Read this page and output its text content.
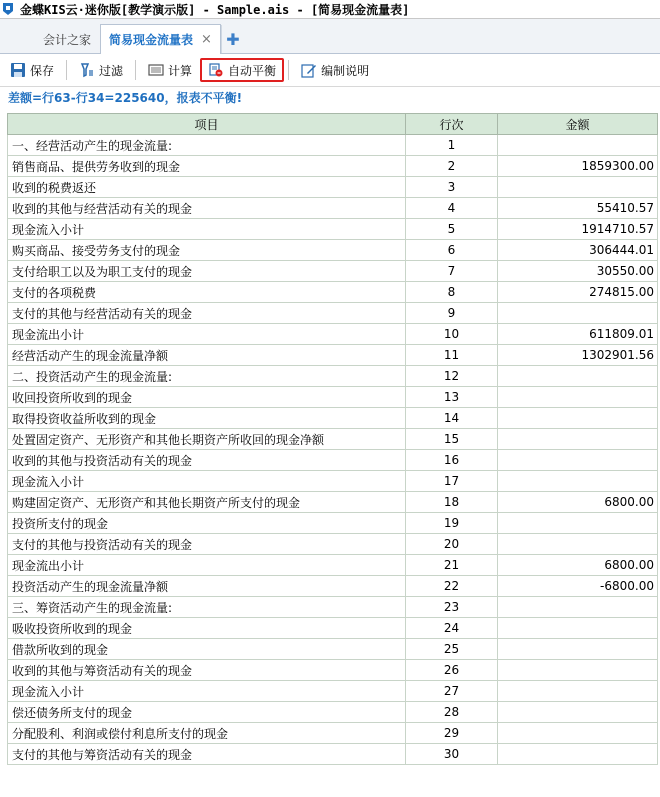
金蝶KIS云·迷你版[教学演示版] - Sample.ais - [简易现金流量表]
会计之家 简易现金流量表 × ✚
保存	过滤	计算	自动平衡	编制说明
差额=行63-行34=225640，报表不平衡!
项目	行次	金额
一、经营活动产生的现金流量:	1	
销售商品、提供劳务收到的现金	2	1859300.00
收到的税费返还	3	
收到的其他与经营活动有关的现金	4	55410.57
现金流入小计	5	1914710.57
购买商品、接受劳务支付的现金	6	306444.01
支付给职工以及为职工支付的现金	7	30550.00
支付的各项税费	8	274815.00
支付的其他与经营活动有关的现金	9	
现金流出小计	10	611809.01
经营活动产生的现金流量净额	11	1302901.56
二、投资活动产生的现金流量:	12	
收回投资所收到的现金	13	
取得投资收益所收到的现金	14	
处置固定资产、无形资产和其他长期资产所收回的现金净额	15	
收到的其他与投资活动有关的现金	16	
现金流入小计	17	
购建固定资产、无形资产和其他长期资产所支付的现金	18	6800.00
投资所支付的现金	19	
支付的其他与投资活动有关的现金	20	
现金流出小计	21	6800.00
投资活动产生的现金流量净额	22	-6800.00
三、筹资活动产生的现金流量:	23	
吸收投资所收到的现金	24	
借款所收到的现金	25	
收到的其他与筹资活动有关的现金	26	
现金流入小计	27	
偿还债务所支付的现金	28	
分配股利、利润或偿付利息所支付的现金	29	
支付的其他与筹资活动有关的现金	30	
